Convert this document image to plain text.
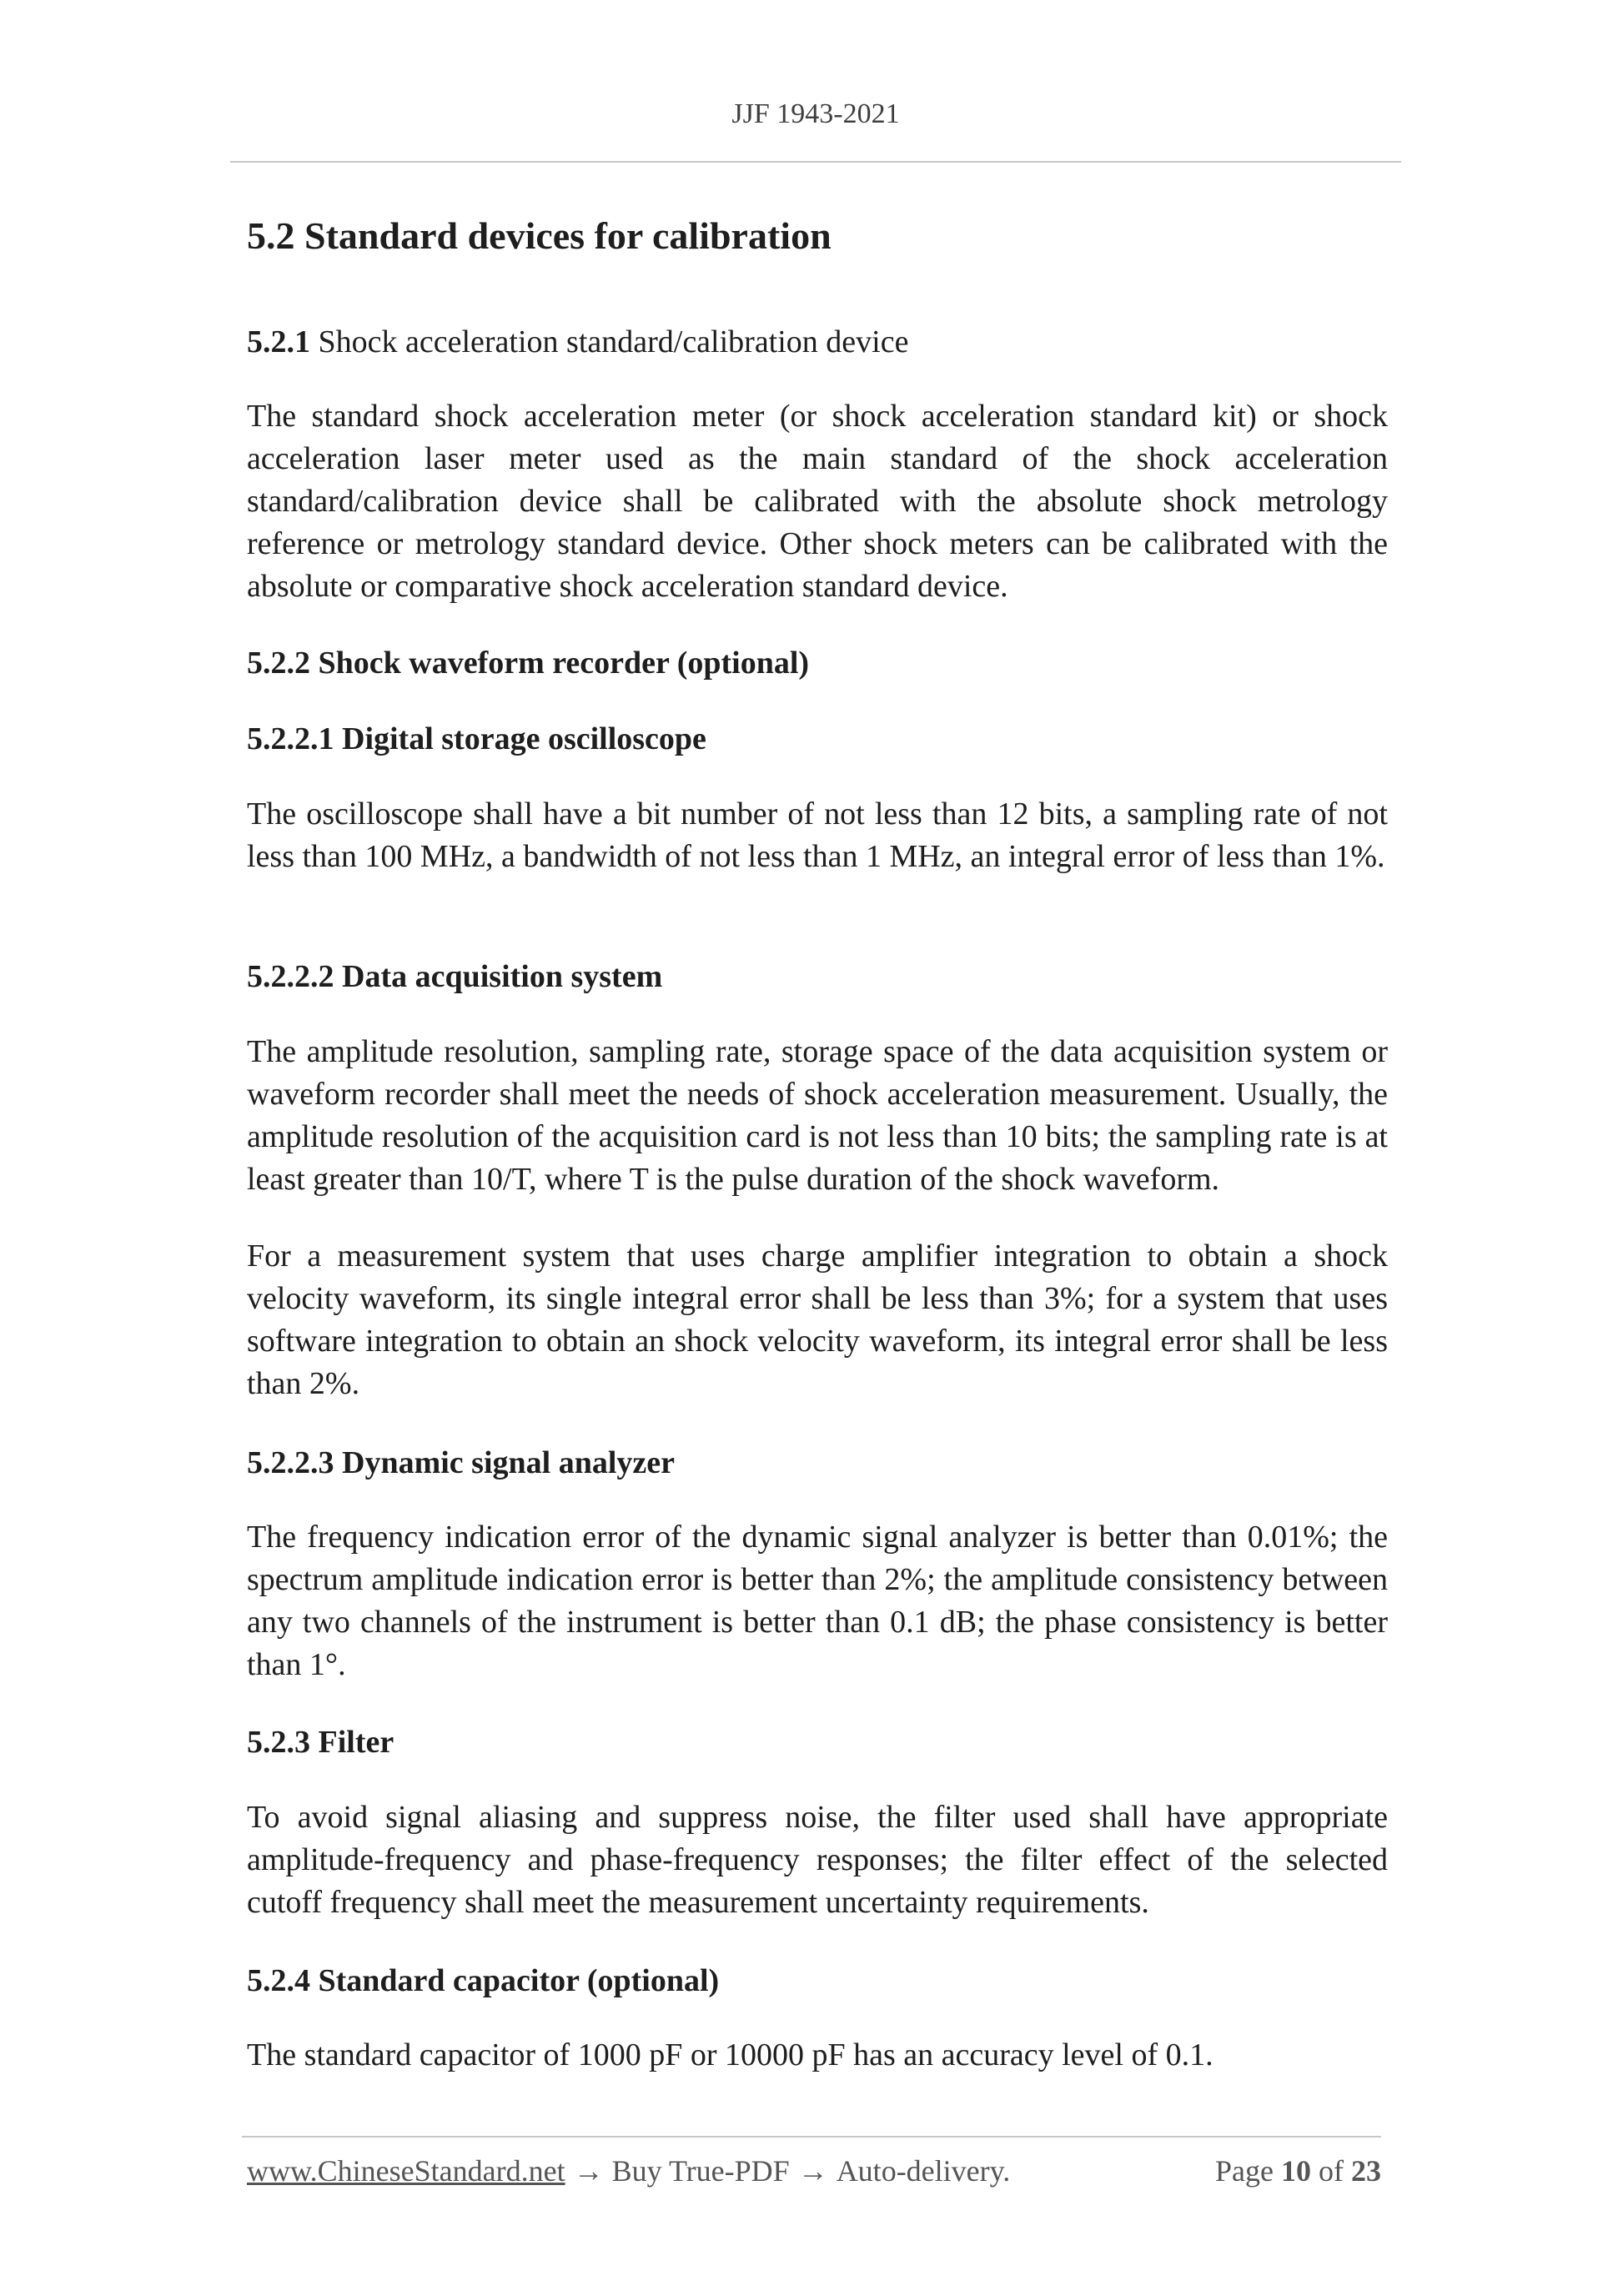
JJF 1943-2021
5.2 Standard devices for calibration
5.2.1 Shock acceleration standard/calibration device
The standard shock acceleration meter (or shock acceleration standard kit) or shock acceleration laser meter used as the main standard of the shock acceleration standard/calibration device shall be calibrated with the absolute shock metrology reference or metrology standard device. Other shock meters can be calibrated with the absolute or comparative shock acceleration standard device.
5.2.2 Shock waveform recorder (optional)
5.2.2.1 Digital storage oscilloscope
The oscilloscope shall have a bit number of not less than 12 bits, a sampling rate of not less than 100 MHz, a bandwidth of not less than 1 MHz, an integral error of less than 1%.
5.2.2.2 Data acquisition system
The amplitude resolution, sampling rate, storage space of the data acquisition system or waveform recorder shall meet the needs of shock acceleration measurement. Usually, the amplitude resolution of the acquisition card is not less than 10 bits; the sampling rate is at least greater than 10/T, where T is the pulse duration of the shock waveform.
For a measurement system that uses charge amplifier integration to obtain a shock velocity waveform, its single integral error shall be less than 3%; for a system that uses software integration to obtain an shock velocity waveform, its integral error shall be less than 2%.
5.2.2.3 Dynamic signal analyzer
The frequency indication error of the dynamic signal analyzer is better than 0.01%; the spectrum amplitude indication error is better than 2%; the amplitude consistency between any two channels of the instrument is better than 0.1 dB; the phase consistency is better than 1°.
5.2.3 Filter
To avoid signal aliasing and suppress noise, the filter used shall have appropriate amplitude-frequency and phase-frequency responses; the filter effect of the selected cutoff frequency shall meet the measurement uncertainty requirements.
5.2.4 Standard capacitor (optional)
The standard capacitor of 1000 pF or 10000 pF has an accuracy level of 0.1.
www.ChineseStandard.net → Buy True-PDF → Auto-delivery.	Page 10 of 23
